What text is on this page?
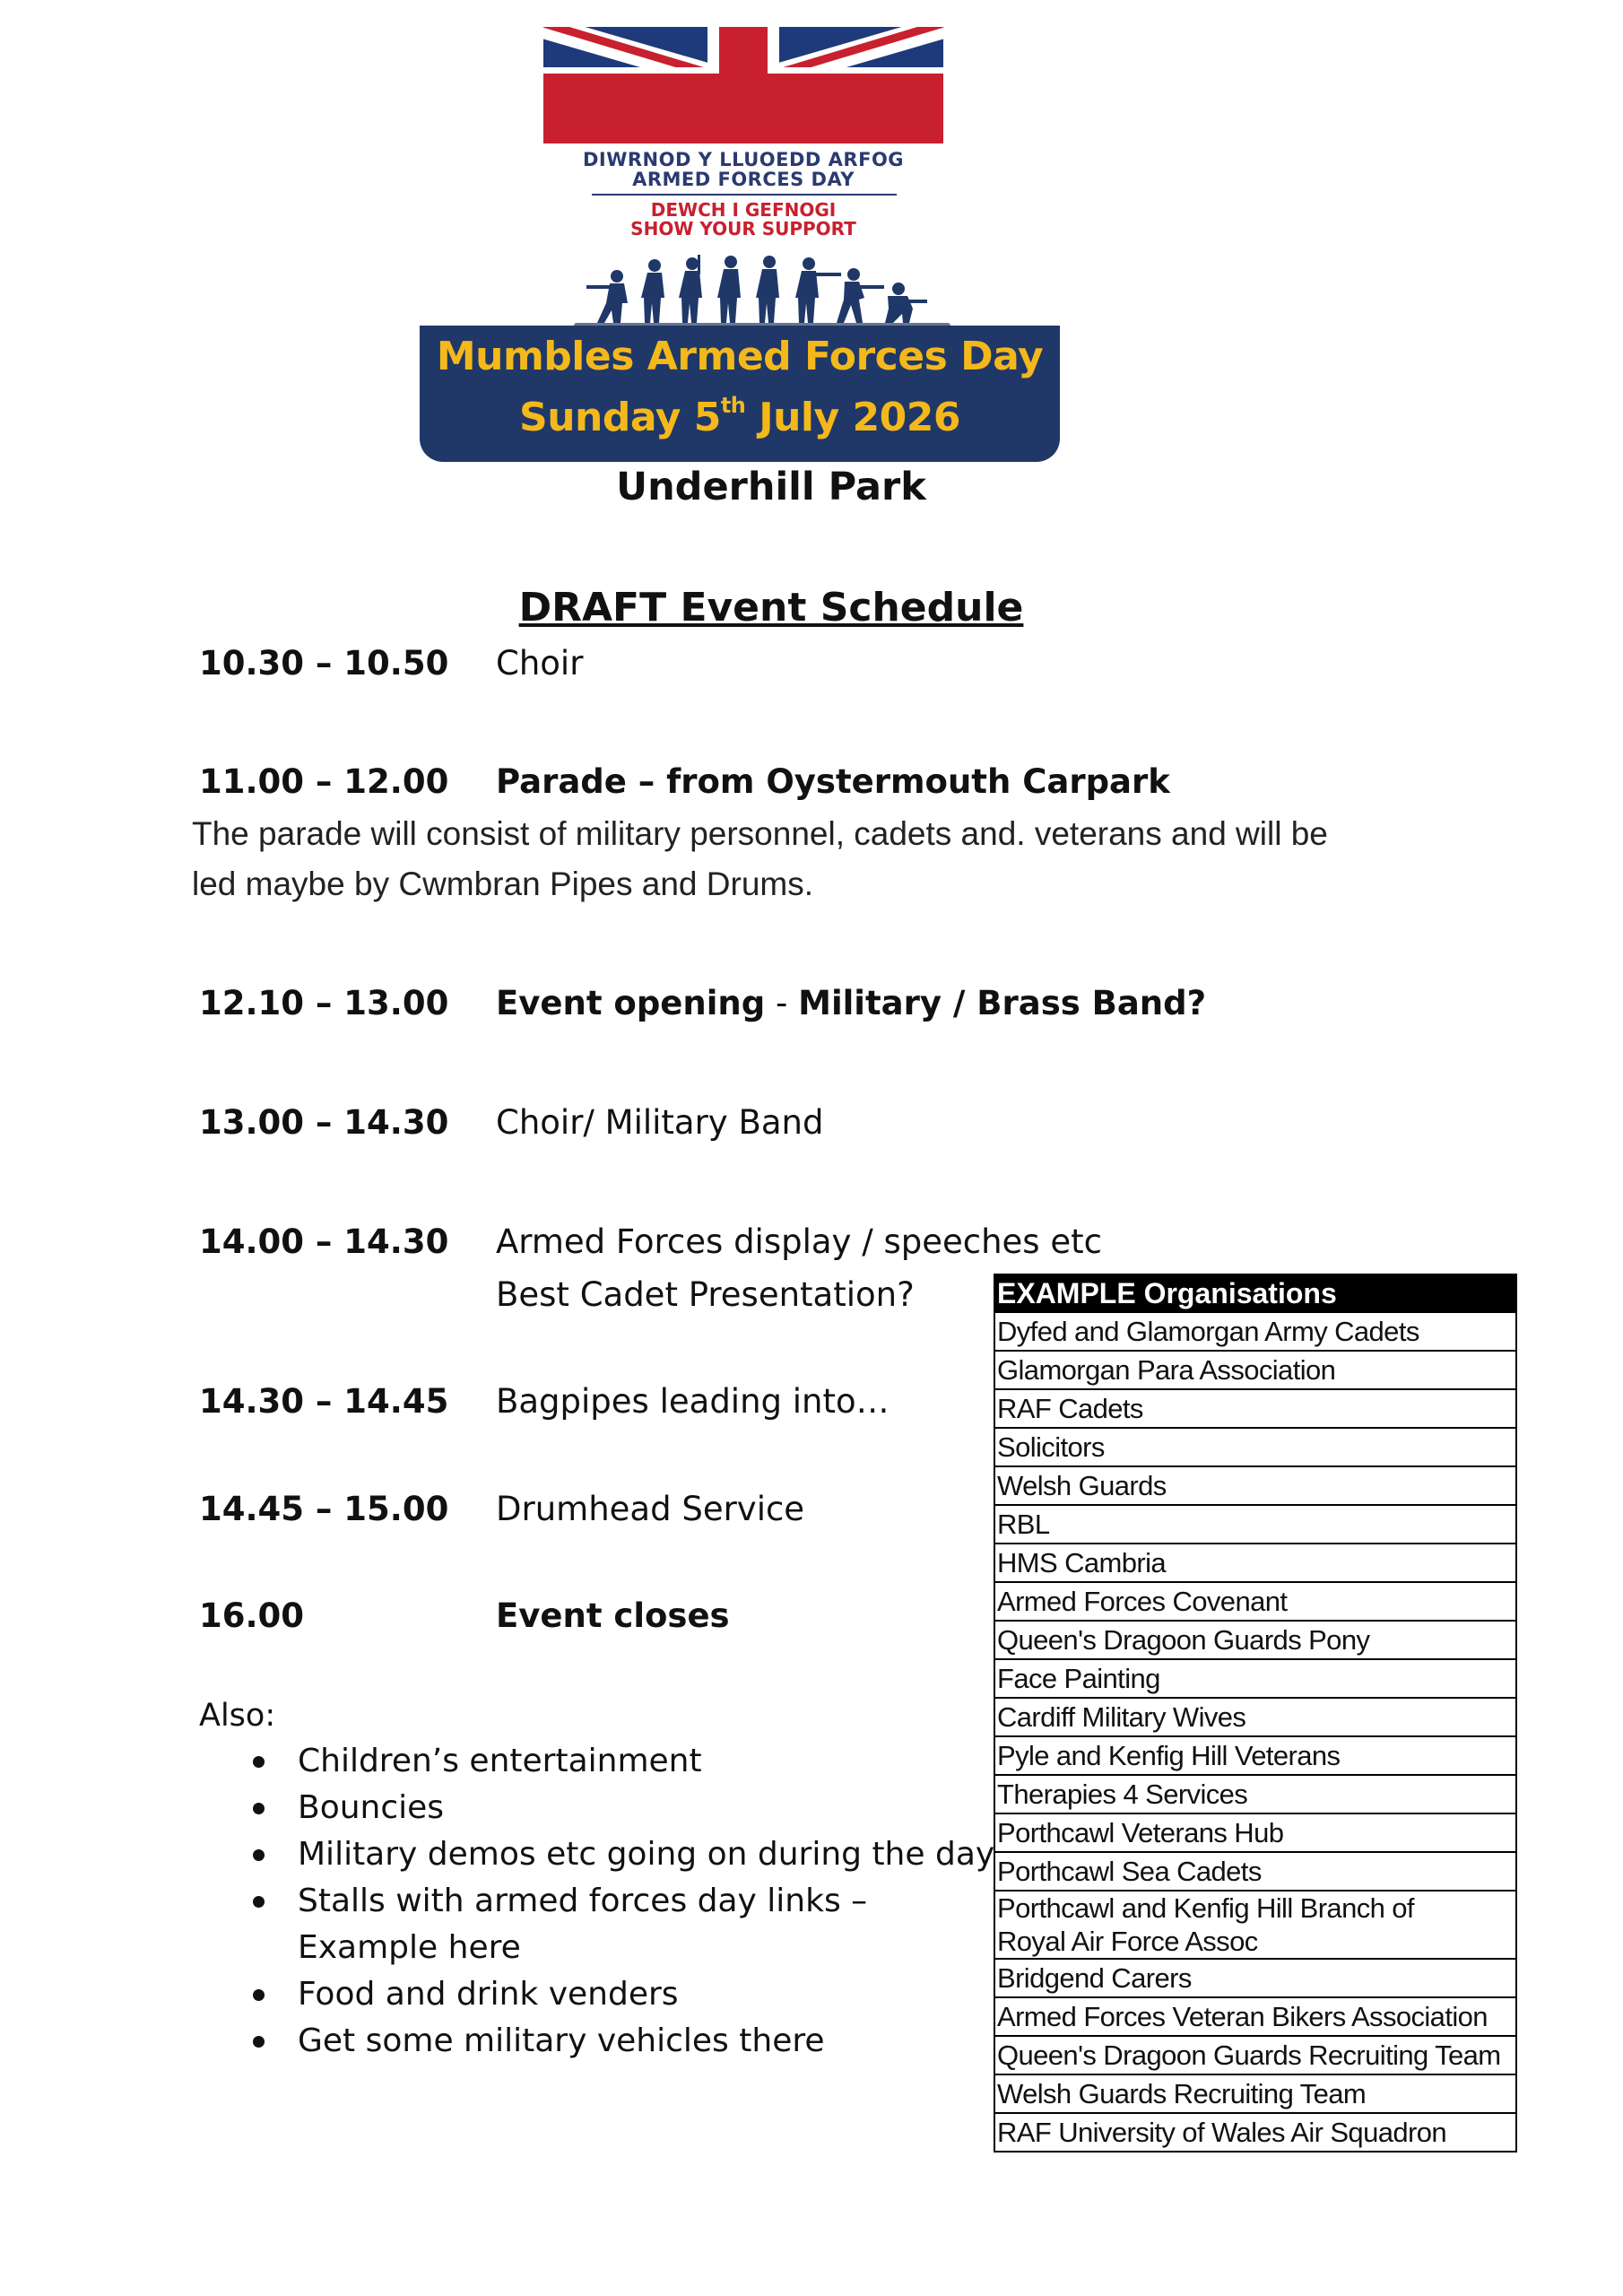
DIWRNOD Y LLUOEDD ARFOG
ARMED FORCES DAY
DEWCH I GEFNOGI
SHOW YOUR SUPPORT
Mumbles Armed Forces Day
Sunday 5th July 2026
Underhill Park
DRAFT Event Schedule
10.30 – 10.50 Choir
11.00 – 12.00 Parade – from Oystermouth Carpark
The parade will consist of military personnel, cadets and. veterans and will be
led maybe by Cwmbran Pipes and Drums.
12.10 – 13.00 Event opening - Military / Brass Band?
13.00 – 14.30 Choir/ Military Band
14.00 – 14.30 Armed Forces display / speeches etc
Best Cadet Presentation?
14.30 – 14.45 Bagpipes leading into…
14.45 – 15.00 Drumhead Service
16.00	Event closes
Also:
Children’s entertainment
Bouncies
Military demos etc going on during the day
Stalls with armed forces day links –
Example here
Food and drink venders
Get some military vehicles there
EXAMPLE Organisations
Dyfed and Glamorgan Army Cadets
Glamorgan Para Association
RAF Cadets
Solicitors
Welsh Guards
RBL
HMS Cambria
Armed Forces Covenant
Queen's Dragoon Guards Pony
Face Painting
Cardiff Military Wives
Pyle and Kenfig Hill Veterans
Therapies 4 Services
Porthcawl Veterans Hub
Porthcawl Sea Cadets

Porthcawl and Kenfig Hill Branch of
Royal Air Force Assoc

Bridgend Carers
Armed Forces Veteran Bikers Association
Queen's Dragoon Guards Recruiting Team
Welsh Guards Recruiting Team
RAF University of Wales Air Squadron
